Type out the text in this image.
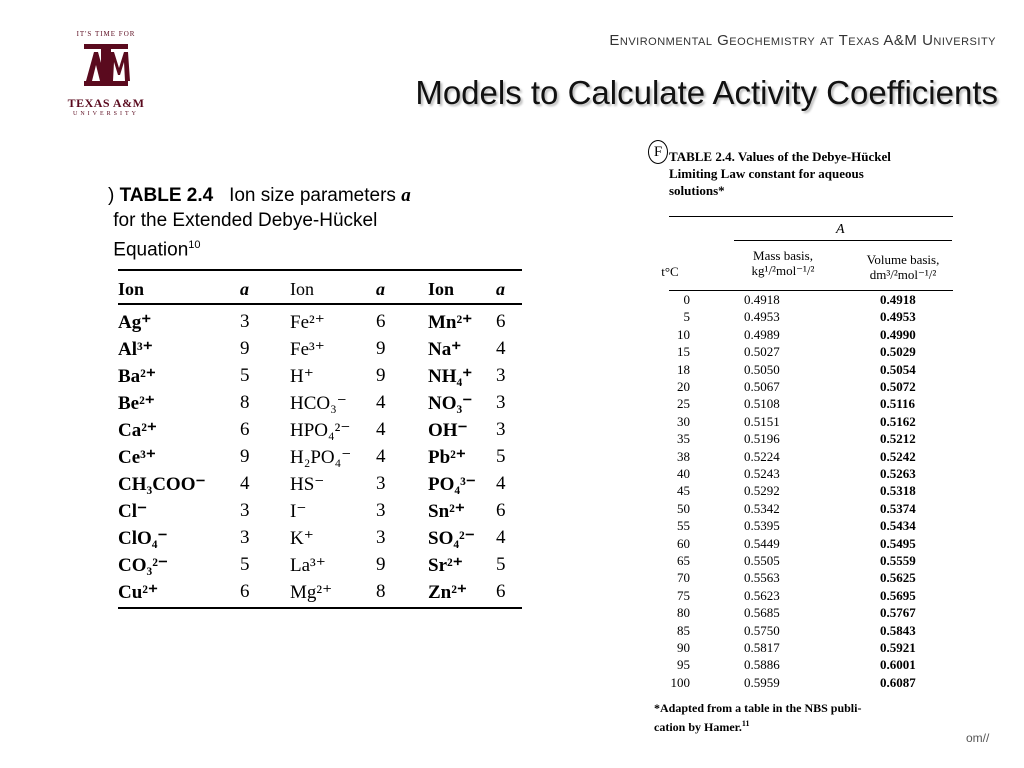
IT'S TIME FOR
TEXAS A&M
UNIVERSITY
Environmental Geochemistry at Texas A&M University
Models to Calculate Activity Coefficients
) TABLE 2.4 Ion size parameters a
for the Extended Debye-Hückel
Equation$^{10}$
Ion	a Ion	a Ion a
Ag⁺	3 Fe²⁺	6 Mn²⁺ 6
Al³⁺	9 Fe³⁺	9 Na⁺ 4
Ba²⁺	5 H⁺	9 NH₄⁺ 3
Be²⁺	8 HCO₃⁻ 4 NO₃⁻ 3
Ca²⁺	6 HPO₄²⁻ 4 OH⁻ 3
Ce³⁺	9 H₂PO₄⁻ 4 Pb²⁺ 5
CH₃COO⁻ 4 HS⁻	3 PO₄³⁻ 4
Cl⁻	3 I⁻	3 Sn²⁺ 6
ClO₄⁻	3 K⁺	3 SO₄²⁻ 4
CO₃²⁻	5 La³⁺	9 Sr²⁺ 5
Cu²⁺	6 Mg²⁺ 8 Zn²⁺ 6
F TABLE 2.4. Values of the Debye-Hückel
Limiting Law constant for aqueous
solutions*
A
t°C
Mass basis,
kg¹/²mol⁻¹/²
Volume basis,
dm³/²mol⁻¹/²
0	0.4918	0.4918
5	0.4953	0.4953
10	0.4989	0.4990
15	0.5027	0.5029
18	0.5050	0.5054
20	0.5067	0.5072
25	0.5108	0.5116
30	0.5151	0.5162
35	0.5196	0.5212
38	0.5224	0.5242
40	0.5243	0.5263
45	0.5292	0.5318
50	0.5342	0.5374
55	0.5395	0.5434
60	0.5449	0.5495
65	0.5505	0.5559
70	0.5563	0.5625
75	0.5623	0.5695
80	0.5685	0.5767
85	0.5750	0.5843
90	0.5817	0.5921
95	0.5886	0.6001
100	0.5959	0.6087
*Adapted from a table in the NBS publi-
cation by Hamer.$^{11}$
om//
